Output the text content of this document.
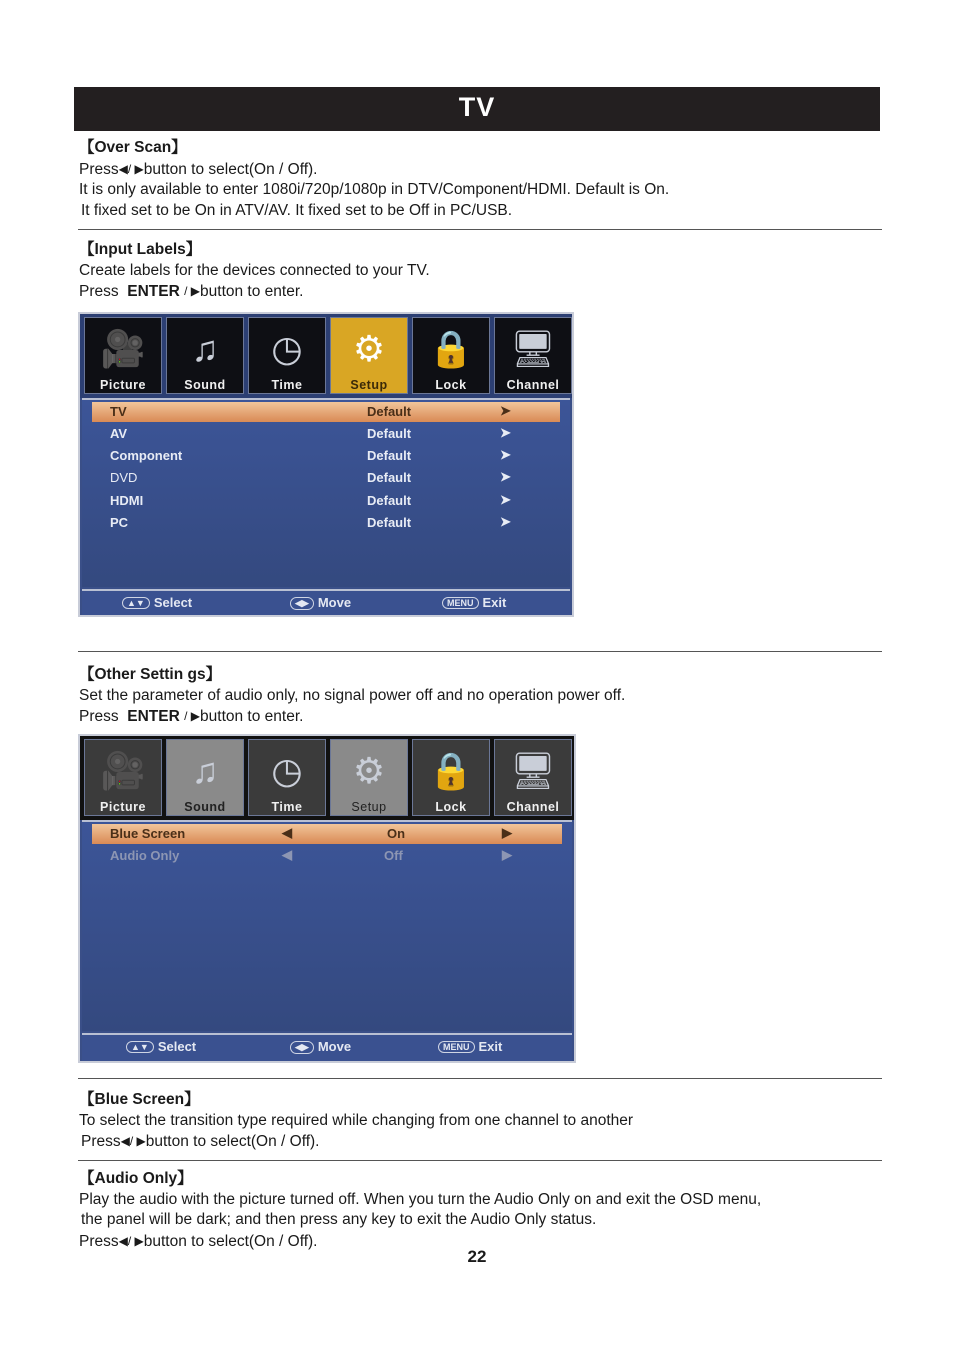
TV

【Over Scan】

Press◀/ ▶button to select(On / Off).

It is only available to enter 1080i/720p/1080p in DTV/Component/HDMI. Default is On.

It fixed set to be On in ATV/AV. It fixed set to be Off in PC/USB.

【Input Labels】

Create labels for the devices connected to your TV.

Press ENTER / ▶button to enter.

🎥
Picture
♫
Sound
◷
Time
⚙
Setup
🔒
Lock
🖥
Channel
TV	Default	➤
AV	Default	➤
Component	Default	➤
DVD	Default	➤
HDMI	Default	➤
PC	Default	➤
▲▼ Select	◀▶ Move	MENU Exit

【Other Settin gs】

Set the parameter of audio only, no signal power off and no operation power off.

Press ENTER / ▶button to enter.

🎥
Picture
♫
Sound
◷
Time
⚙
Setup
🔒
Lock
🖥
Channel
Blue Screen	◀	On	▶
Audio Only	◀	Off	▶
▲▼ Select	◀▶ Move	MENU Exit

【Blue Screen】

To select the transition type required while changing from one channel to another

Press◀/ ▶button to select(On / Off).

【Audio Only】

Play the audio with the picture turned off. When you turn the Audio Only on and exit the OSD menu,

the panel will be dark; and then press any key to exit the Audio Only status.

Press◀/ ▶button to select(On / Off).

22
